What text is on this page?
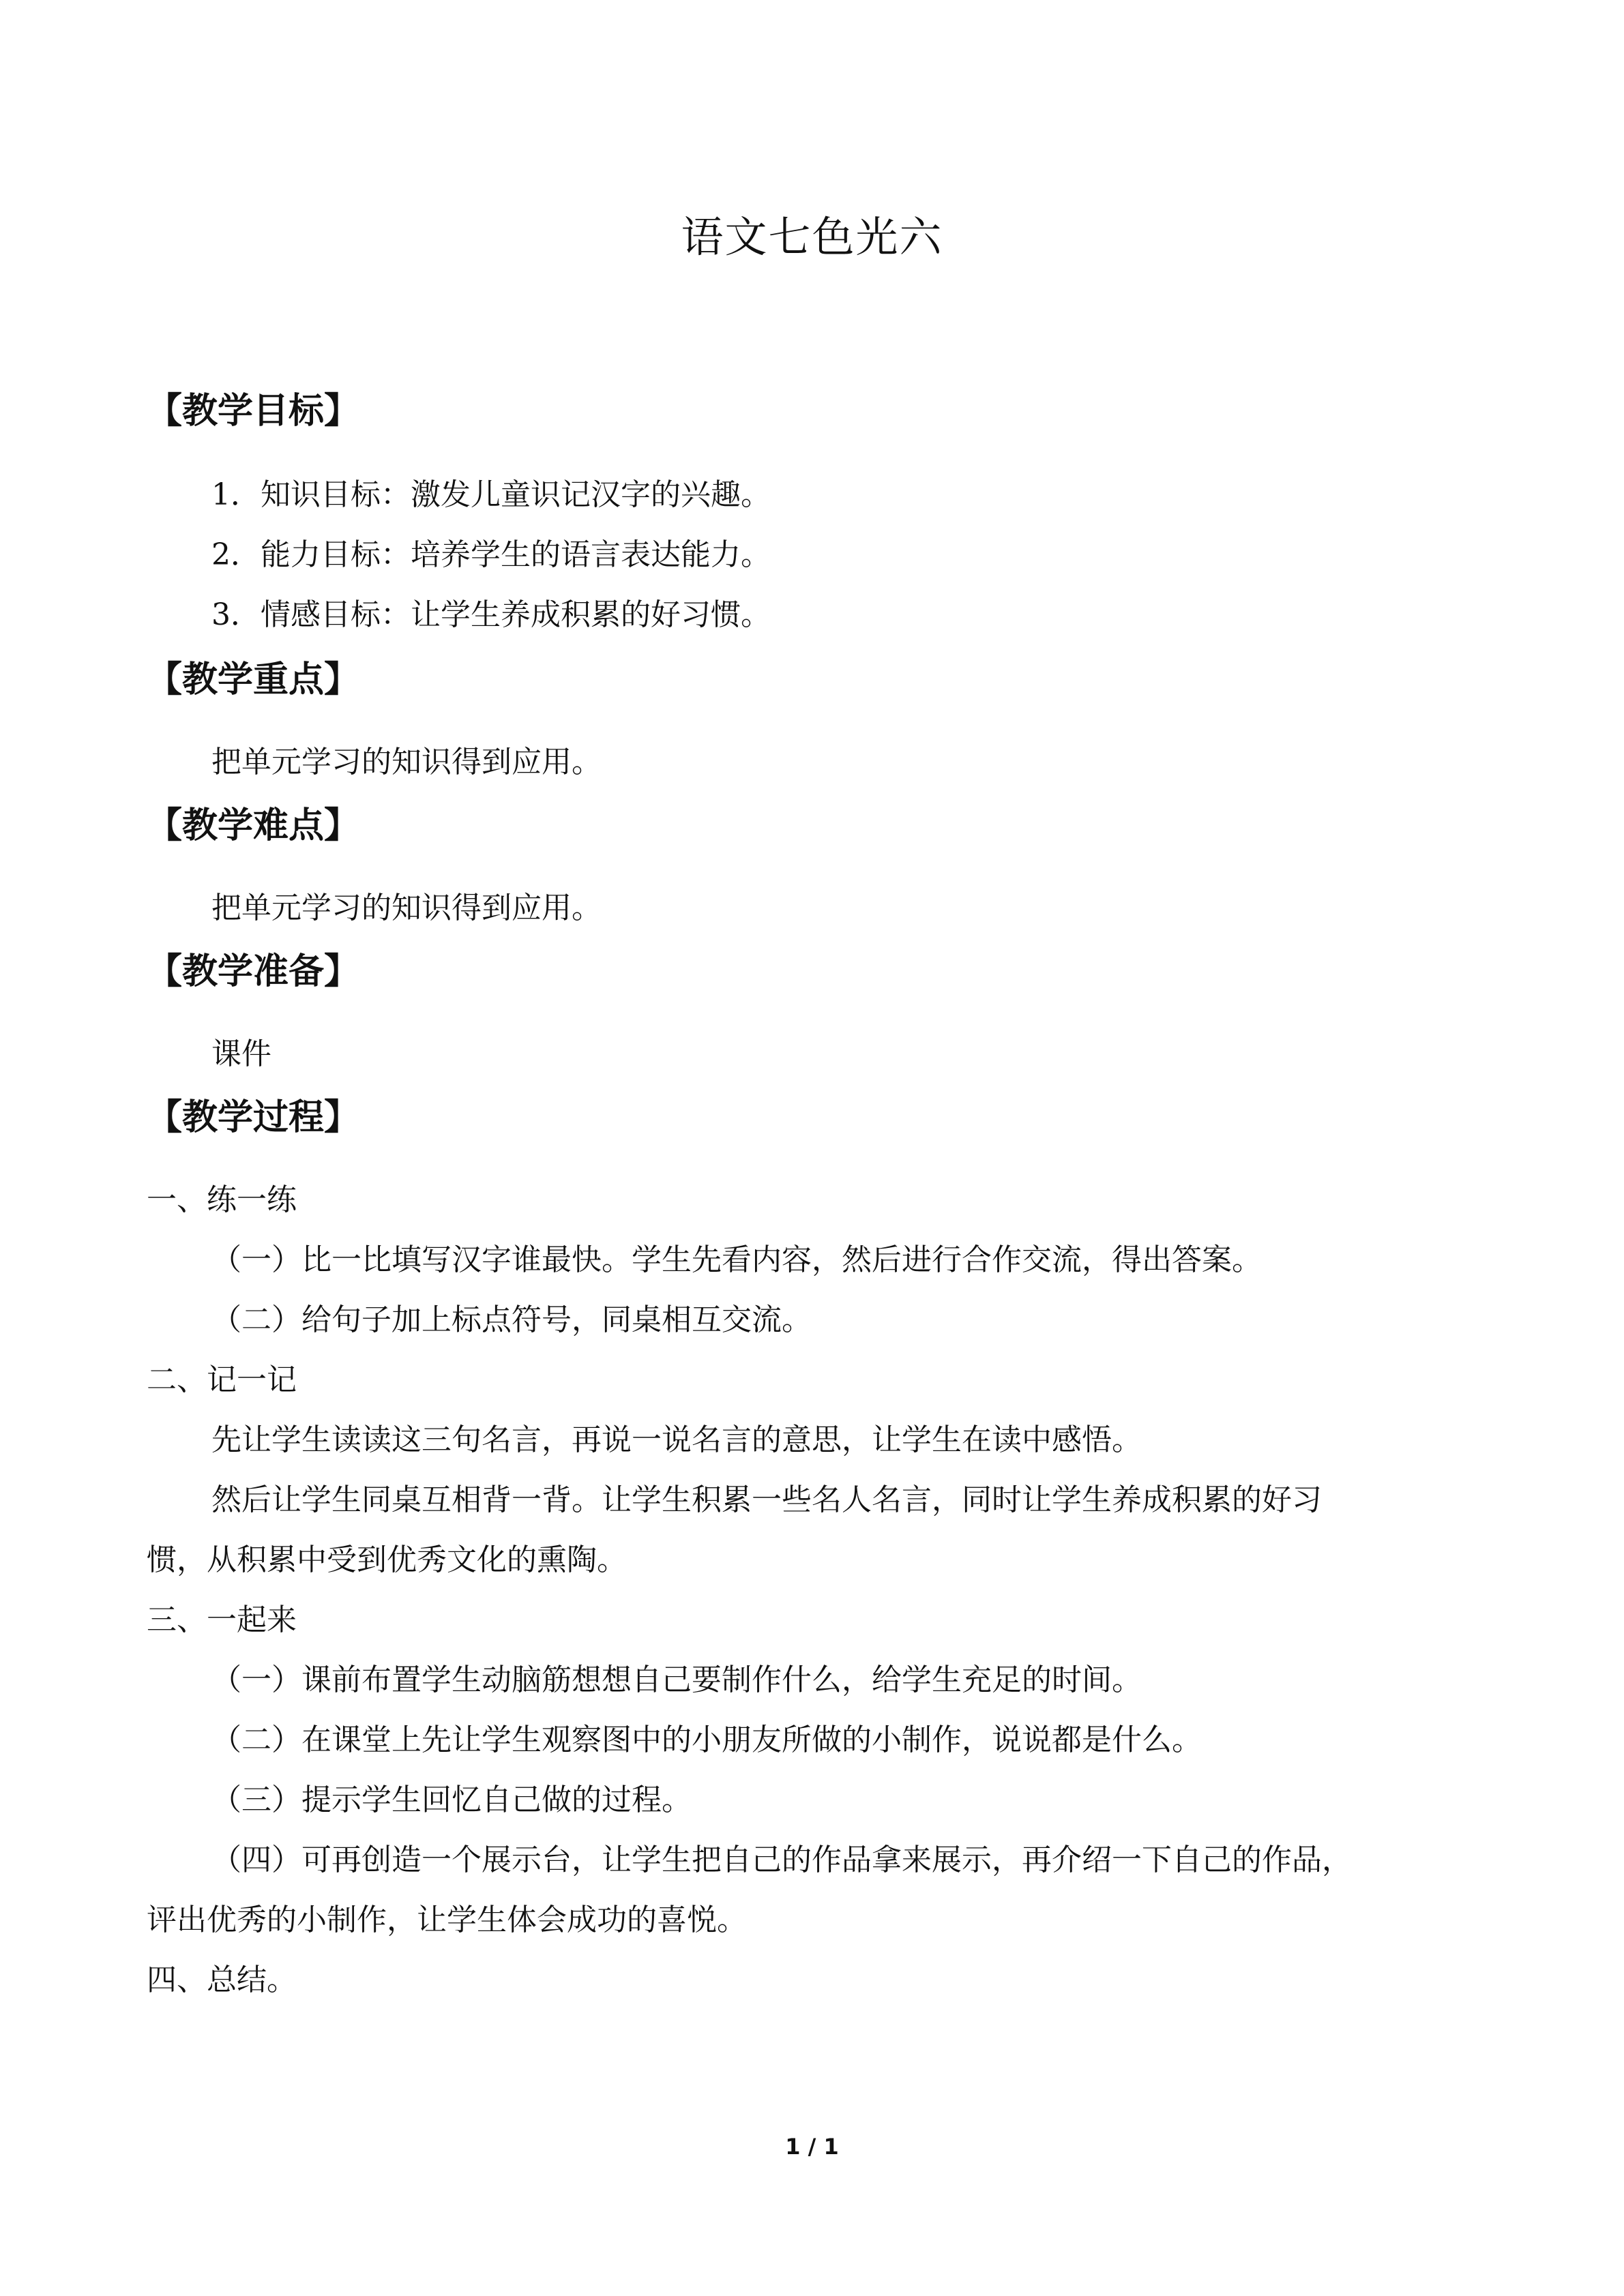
语文七色光六
【教学目标】
1．知识目标：激发儿童识记汉字的兴趣。
2．能力目标：培养学生的语言表达能力。
3．情感目标：让学生养成积累的好习惯。
【教学重点】
把单元学习的知识得到应用。
【教学难点】
把单元学习的知识得到应用。
【教学准备】
课件
【教学过程】
一、练一练
（一）比一比填写汉字谁最快。学生先看内容，然后进行合作交流，得出答案。
（二）给句子加上标点符号，同桌相互交流。
二、记一记
先让学生读读这三句名言，再说一说名言的意思，让学生在读中感悟。
然后让学生同桌互相背一背。让学生积累一些名人名言，同时让学生养成积累的好习
惯，从积累中受到优秀文化的熏陶。
三、一起来
（一）课前布置学生动脑筋想想自己要制作什么，给学生充足的时间。
（二）在课堂上先让学生观察图中的小朋友所做的小制作，说说都是什么。
（三）提示学生回忆自己做的过程。
（四）可再创造一个展示台，让学生把自己的作品拿来展示，再介绍一下自己的作品，
评出优秀的小制作，让学生体会成功的喜悦。
四、总结。
1 / 1
